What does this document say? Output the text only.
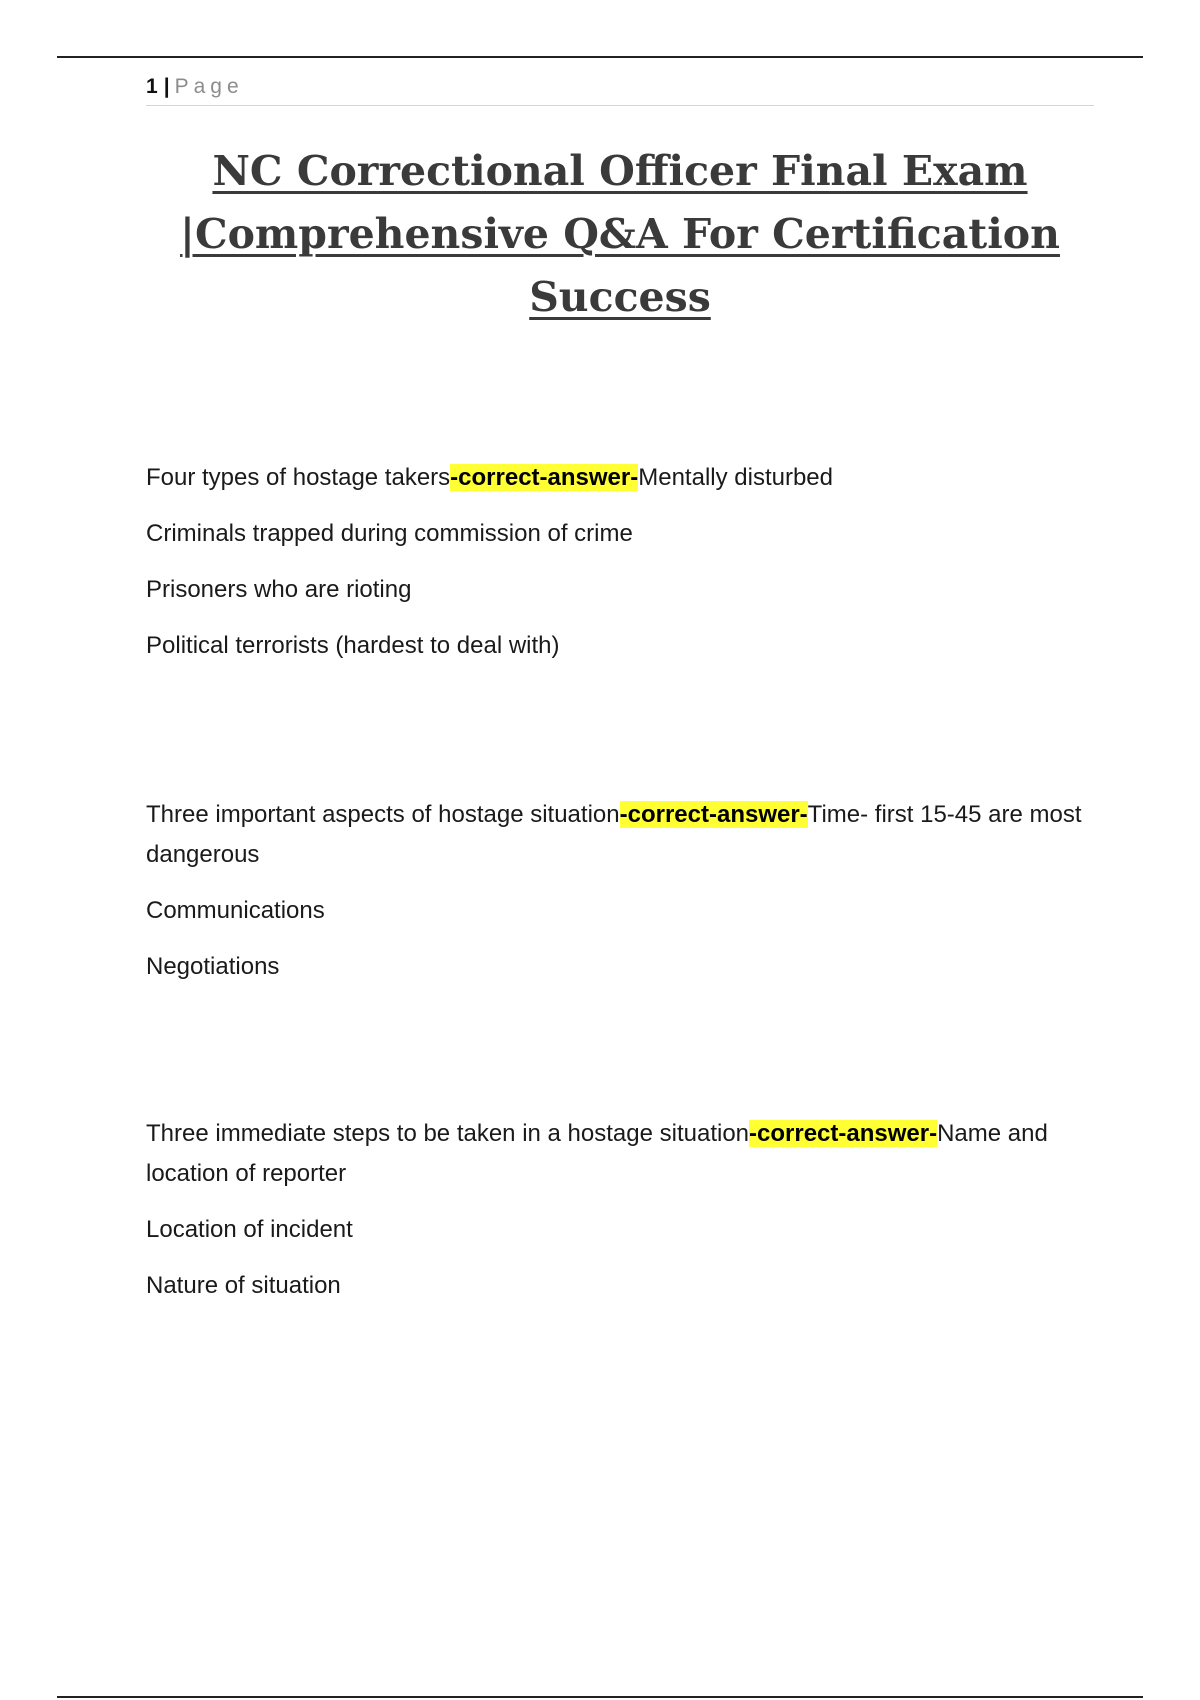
1 | Page
NC Correctional Officer Final Exam |Comprehensive Q&A For Certification Success

Four types of hostage takers-correct-answer-Mentally disturbed

Criminals trapped during commission of crime

Prisoners who are rioting

Political terrorists (hardest to deal with)

Three important aspects of hostage situation-correct-answer-Time- first 15-45 are most dangerous

Communications

Negotiations

Three immediate steps to be taken in a hostage situation-correct-answer-Name and location of reporter

Location of incident

Nature of situation
